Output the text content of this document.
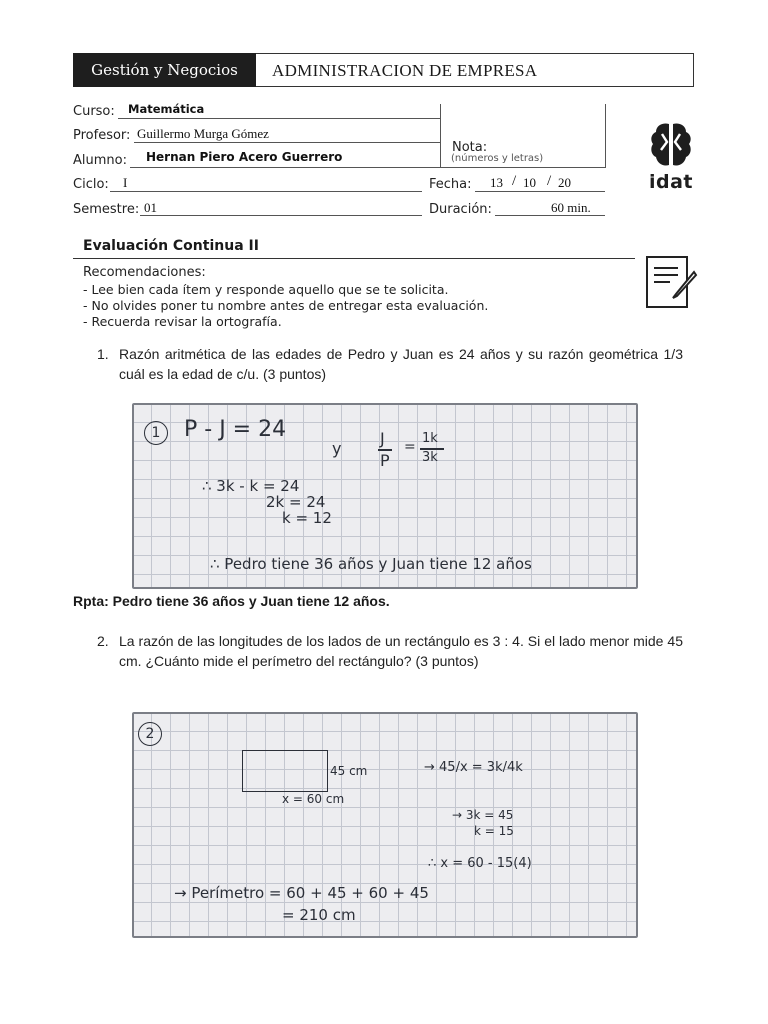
Gestión y Negocios	ADMINISTRACION DE EMPRESA
Curso: Matemática
Profesor: Guillermo Murga Gómez
Alumno: Hernan Piero Acero Guerrero
Ciclo: I
Semestre: 01
Nota:
(números y letras)
Fecha: 13 / 10 / 20
Duración:	60 min.
idat
Evaluación Continua II
Recomendaciones:
- Lee bien cada ítem y responde aquello que se te solicita.
- No olvides poner tu nombre antes de entregar esta evaluación.
- Recuerda revisar la ortografía.
1. Razón aritmética de las edades de Pedro y Juan es 24 años y su razón geométrica 1/3 cuál es la edad de c/u. (3 puntos)
1	P - J = 24
y
J
P
=
1k
3k
∴ 3k - k = 24
2k = 24
k = 12
∴ Pedro tiene 36 años y Juan tiene 12 años
Rpta: Pedro tiene 36 años y Juan tiene 12 años.
2. La razón de las longitudes de los lados de un rectángulo es 3 : 4. Si el lado menor mide 45 cm. ¿Cuánto mide el perímetro del rectángulo? (3 puntos)
2
45 cm
x = 60 cm
→ 45/x = 3k/4k
→ 3k = 45
k = 15
∴ x = 60 - 15(4)
→ Perímetro = 60 + 45 + 60 + 45
= 210 cm
